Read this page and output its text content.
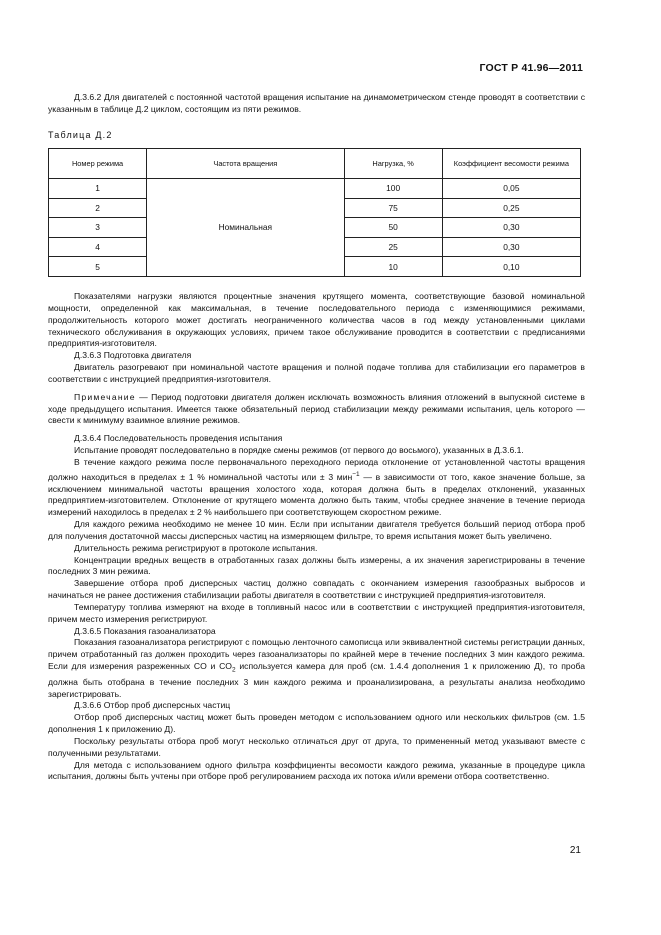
ГОСТ Р 41.96—2011

Д.3.6.2 Для двигателей с постоянной частотой вращения испытание на динамометрическом стенде проводят в соответствии с указанным в таблице Д.2 циклом, состоящим из пяти режимов.

Таблица Д.2
Номер режима	Частота вращения	Нагрузка, %	Коэффициент весомости режима
1	Номинальная	100	0,05
2		75	0,25
3		50	0,30
4		25	0,30
5		10	0,10

Показателями нагрузки являются процентные значения крутящего момента, соответствующие базовой номинальной мощности, определенной как максимальная, в течение последовательного периода с изменяющимися режимами, продолжительность которого может достигать неограниченного количества часов в год между установленными циклами технического обслуживания в окружающих условиях, причем такое обслуживание проводится в соответствии с предписаниями предприятия-изготовителя.

Д.3.6.3 Подготовка двигателя

Двигатель разогревают при номинальной частоте вращения и полной подаче топлива для стабилизации его параметров в соответствии с инструкцией предприятия-изготовителя.

Примечание — Период подготовки двигателя должен исключать возможность влияния отложений в выпускной системе в ходе предыдущего испытания. Имеется также обязательный период стабилизации между режимами испытания, цель которого — свести к минимуму взаимное влияние режимов.

Д.3.6.4 Последовательность проведения испытания

Испытание проводят последовательно в порядке смены режимов (от первого до восьмого), указанных в Д.3.6.1.

В течение каждого режима после первоначального переходного периода отклонение от установленной частоты вращения должно находиться в пределах ± 1 % номинальной частоты или ± 3 мин$^{-1}$ — в зависимости от того, какое значение больше, за исключением минимальной частоты вращения холостого хода, которая должна быть в пределах отклонений, указанных предприятием-изготовителем. Отклонение от крутящего момента должно быть таким, чтобы среднее значение в течение периода измерений находилось в пределах ± 2 % наибольшего при соответствующем скоростном режиме.

Для каждого режима необходимо не менее 10 мин. Если при испытании двигателя требуется больший период отбора проб для получения достаточной массы дисперсных частиц на измеряющем фильтре, то время испытания может быть увеличено.

Длительность режима регистрируют в протоколе испытания.

Концентрации вредных веществ в отработанных газах должны быть измерены, а их значения зарегистрированы в течение последних 3 мин режима.

Завершение отбора проб дисперсных частиц должно совпадать с окончанием измерения газообразных выбросов и начинаться не ранее достижения стабилизации работы двигателя в соответствии с инструкцией предприятия-изготовителя.

Температуру топлива измеряют на входе в топливный насос или в соответствии с инструкцией предприятия-изготовителя, причем место измерения регистрируют.

Д.3.6.5 Показания газоанализатора

Показания газоанализатора регистрируют с помощью ленточного самописца или эквивалентной системы регистрации данных, причем отработанный газ должен проходить через газоанализаторы по крайней мере в течение последних 3 мин каждого режима. Если для измерения разреженных CO и $CO_2$ используется камера для проб (см. 1.4.4 дополнения 1 к приложению Д), то проба должна быть отобрана в течение последних 3 мин каждого режима и проанализирована, а результаты анализа необходимо зарегистрировать.

Д.3.6.6 Отбор проб дисперсных частиц

Отбор проб дисперсных частиц может быть проведен методом с использованием одного или нескольких фильтров (см. 1.5 дополнения 1 к приложению Д).

Поскольку результаты отбора проб могут несколько отличаться друг от друга, то примененный метод указывают вместе с полученными результатами.

Для метода с использованием одного фильтра коэффициенты весомости каждого режима, указанные в процедуре цикла испытания, должны быть учтены при отборе проб регулированием расхода их потока и/или времени отбора соответственно.

21
